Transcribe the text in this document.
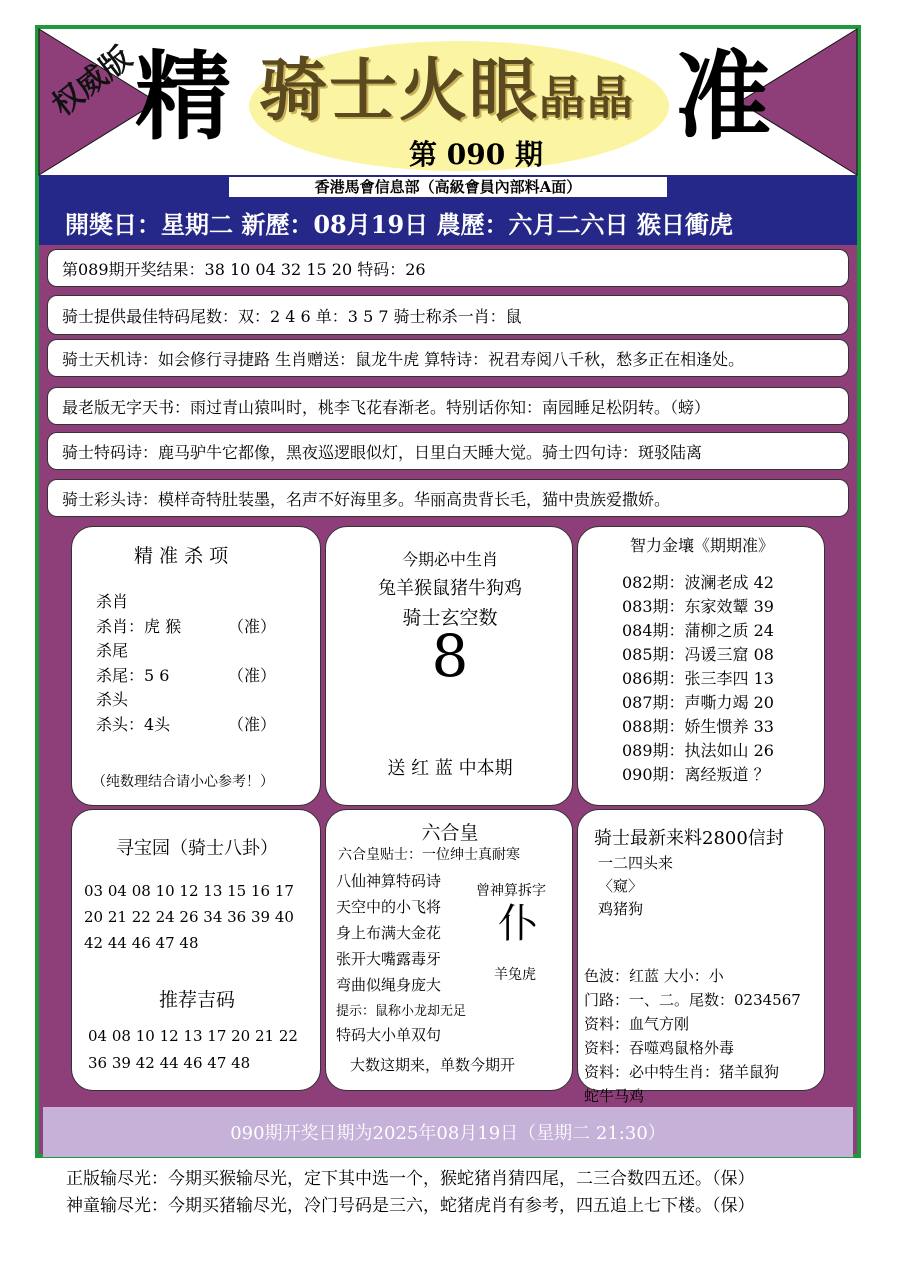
权威版
精 骑士火眼晶晶
第 090 期
准
香港馬會信息部（高級會員內部料A面）
開獎日：星期二 新歷：08月19日 農歷：六月二六日 猴日衝虎
第089期开奖结果：38 10 04 32 15 20 特码：26
骑士提供最佳特码尾数：双：2 4 6 单：3 5 7 骑士称杀一肖：鼠
骑士天机诗：如会修行寻捷路 生肖赠送：鼠龙牛虎 算特诗：祝君寿阅八千秋，愁多正在相逢处。
最老版无字天书：雨过青山猿叫时，桃李飞花春渐老。特别话你知：南园睡足松阴转。（螃）
骑士特码诗：鹿马驴牛它都像，黑夜巡逻眼似灯，日里白天睡大觉。骑士四句诗：斑驳陆离
骑士彩头诗：模样奇特肚装墨，名声不好海里多。华丽高贵背长毛，猫中贵族爱撒娇。
精 准 杀 项
杀肖
杀肖：虎 猴	（准）
杀尾
杀尾：5 6	（准）
杀头
杀头：4头	（准）
（纯数理结合请小心参考！）
今期必中生肖
兔羊猴鼠猪牛狗鸡
骑士玄空数
8
送 红 蓝 中本期
智力金壤《期期准》
082期：波澜老成 42
083期：东家效颦 39
084期：蒲柳之质 24
085期：冯谖三窟 08
086期：张三李四 13
087期：声嘶力竭 20
088期：娇生惯养 33
089期：执法如山 26
090期：离经叛道 ？
寻宝园（骑士八卦）
03 04 08 10 12 13 15 16 17
20 21 22 24 26 34 36 39 40
42 44 46 47 48
推荐吉码
04 08 10 12 13 17 20 21 22
36 39 42 44 46 47 48
六合皇
六合皇贴士：一位绅士真耐寒
八仙神算特码诗
天空中的小飞将
身上布满大金花
张开大嘴露毒牙
弯曲似绳身庞大
曾神算拆字
仆
羊兔虎
提示：鼠称小龙却无足
特码大小单双句
大数这期来，单数今期开
骑士最新来料2800信封
一二四头来
〈窥〉
鸡猪狗
色波：红蓝 大小：小
门路：一、二。尾数：0234567
资料：血气方刚
资料：吞噬鸡鼠格外毒
资料：必中特生肖：猪羊鼠狗
蛇牛马鸡
090期开奖日期为2025年08月19日（星期二 21:30）
正版输尽光：今期买猴输尽光，定下其中选一个，猴蛇猪肖猜四尾，二三合数四五还。（保）
神童输尽光：今期买猪输尽光，冷门号码是三六，蛇猪虎肖有参考，四五追上七下楼。（保）
